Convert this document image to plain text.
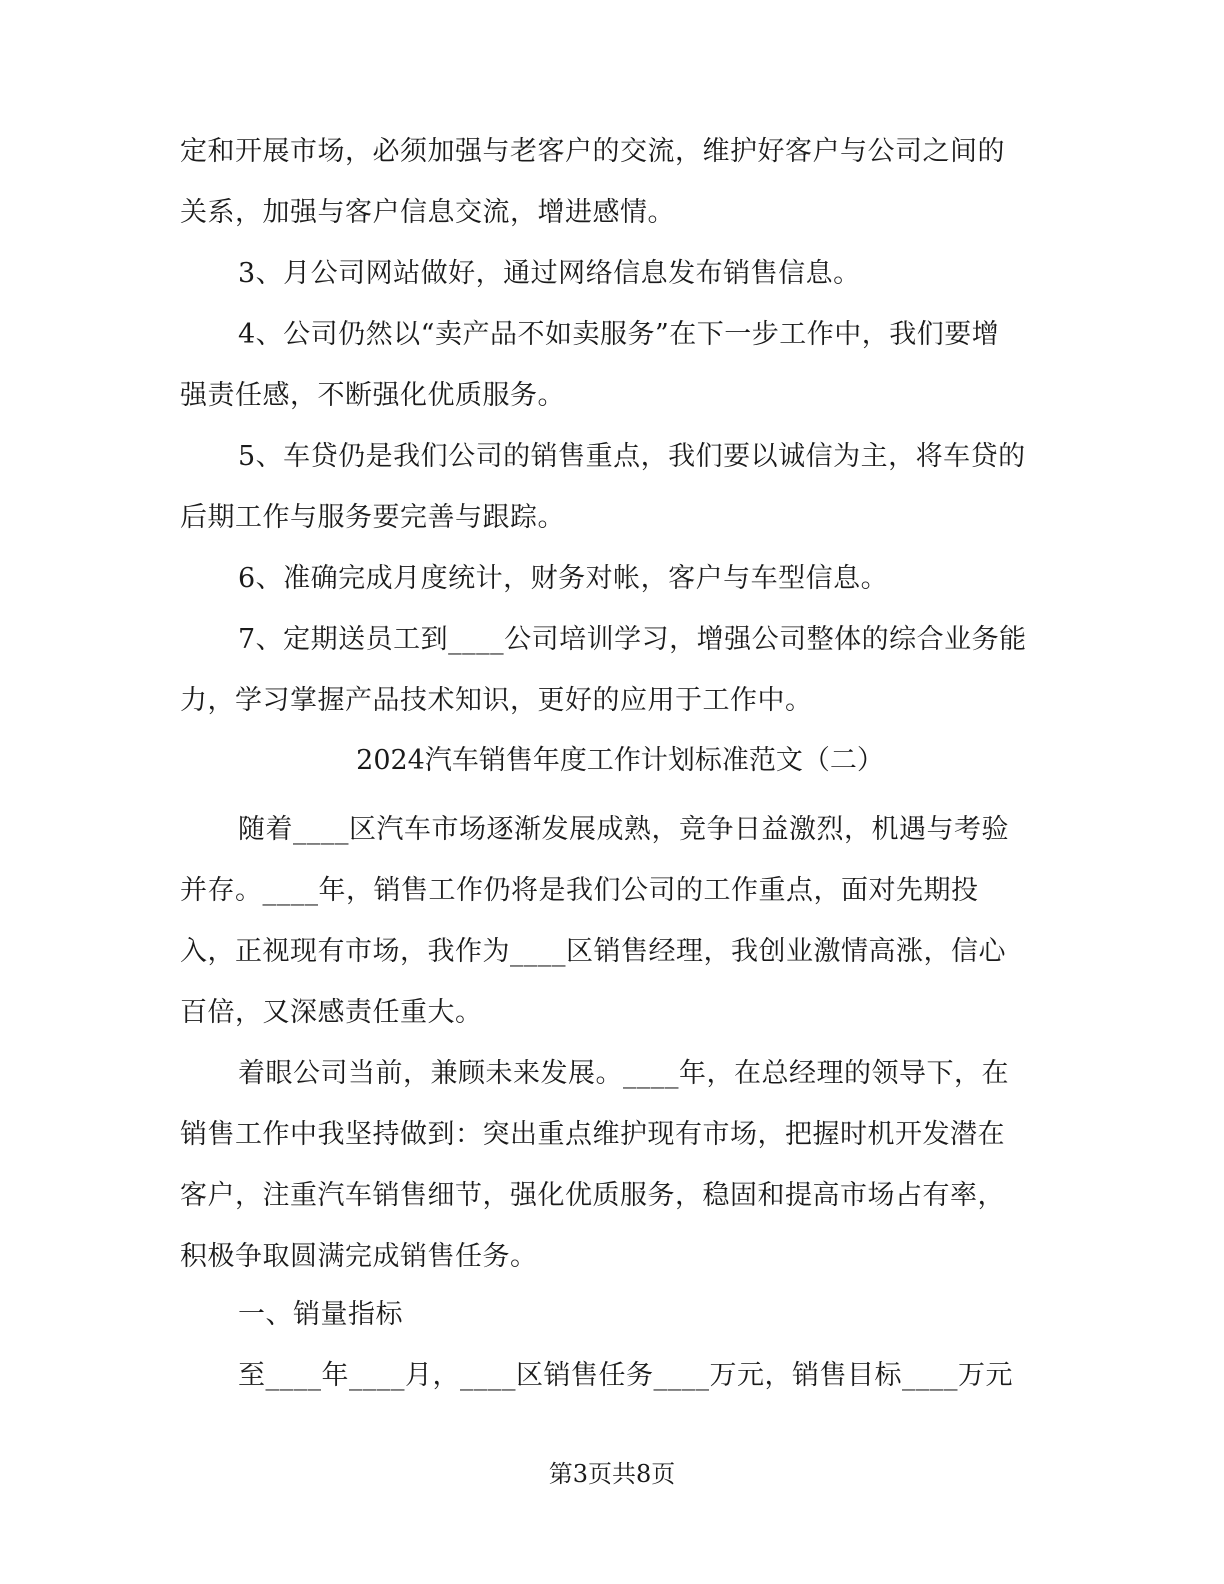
定和开展市场，必须加强与老客户的交流，维护好客户与公司之间的
关系，加强与客户信息交流，增进感情。
3、月公司网站做好，通过网络信息发布销售信息。
4、公司仍然以“卖产品不如卖服务”在下一步工作中，我们要增
强责任感，不断强化优质服务。
5、车贷仍是我们公司的销售重点，我们要以诚信为主，将车贷的
后期工作与服务要完善与跟踪。
6、准确完成月度统计，财务对帐，客户与车型信息。
7、定期送员工到____公司培训学习，增强公司整体的综合业务能
力，学习掌握产品技术知识，更好的应用于工作中。
2024汽车销售年度工作计划标准范文（二）
随着____区汽车市场逐渐发展成熟，竞争日益激烈，机遇与考验
并存。____年，销售工作仍将是我们公司的工作重点，面对先期投
入，正视现有市场，我作为____区销售经理，我创业激情高涨，信心
百倍，又深感责任重大。
着眼公司当前，兼顾未来发展。____年，在总经理的领导下，在
销售工作中我坚持做到：突出重点维护现有市场，把握时机开发潜在
客户，注重汽车销售细节，强化优质服务，稳固和提高市场占有率，
积极争取圆满完成销售任务。
一、销量指标
至____年____月，____区销售任务____万元，销售目标____万元
第3页共8页
